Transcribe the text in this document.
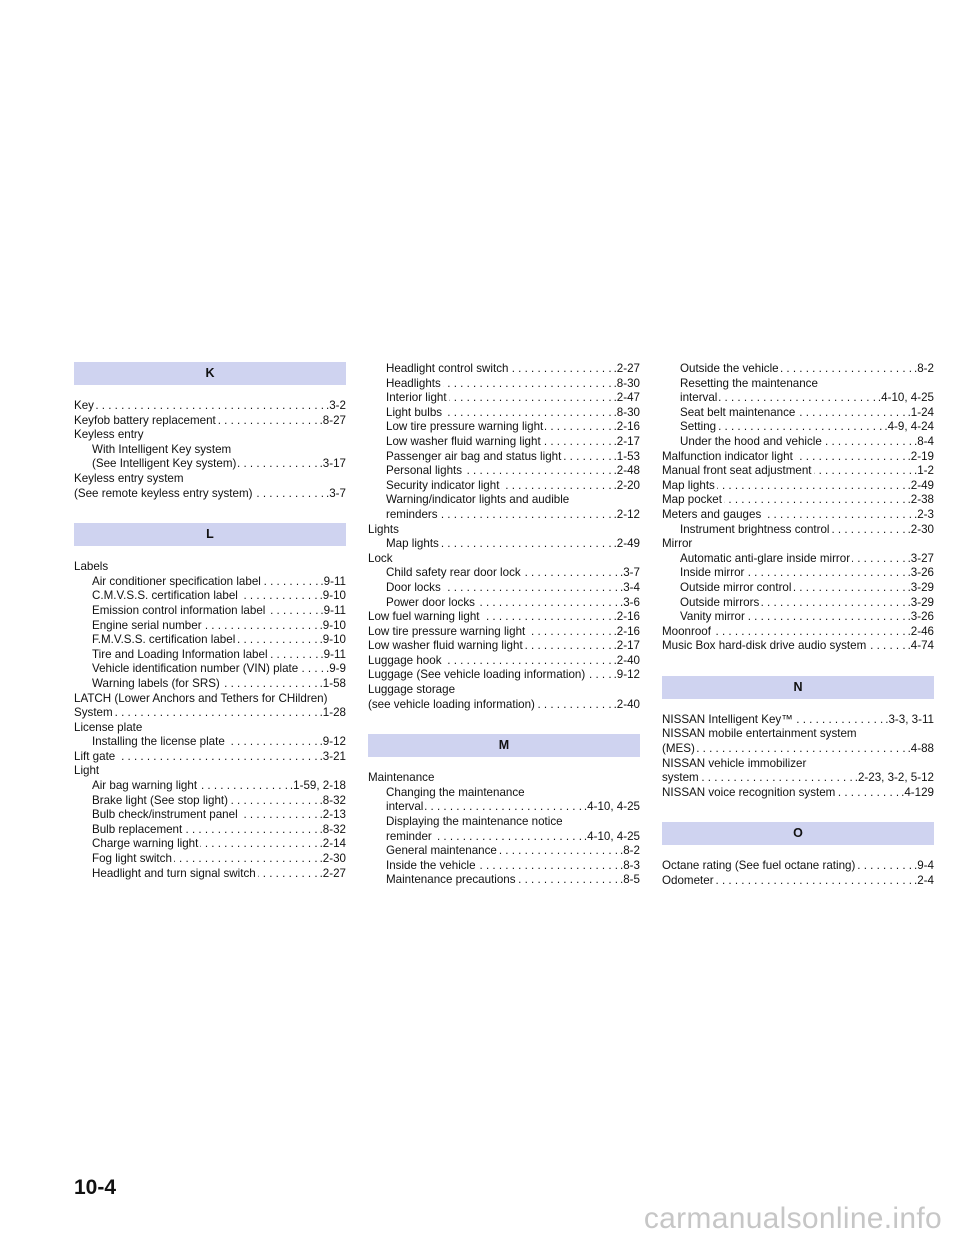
K
Key . . .	.3-2
Keyfob battery replacement . . .	.8-27
Keyless entry
With Intelligent Key system
(See Intelligent Key system) . . .	.3-17
Keyless entry system
(See remote keyless entry system) . . .	.3-7
L
Labels
Air conditioner specification label . . .	.9-11
C.M.V.S.S. certification label . . .	.9-10
Emission control information label . . .	.9-11
Engine serial number . . .	.9-10
F.M.V.S.S. certification label . . .	.9-10
Tire and Loading Information label . . .	.9-11
Vehicle identification number (VIN) plate . . . .9-9
Warning labels (for SRS) . . .	.1-58
LATCH (Lower Anchors and Tethers for CHildren)
System . . .	.1-28
License plate
Installing the license plate . . .	.9-12
Lift gate . . .	.3-21
Light
Air bag warning light . . .	.1-59, 2-18
Brake light (See stop light) . . .	.8-32
Bulb check/instrument panel . . .	.2-13
Bulb replacement . . .	.8-32
Charge warning light . . .	.2-14
Fog light switch . . .	.2-30
Headlight and turn signal switch . . .	.2-27
Headlight control switch . . .	.2-27
Headlights . . .	.8-30
Interior light . . .	.2-47
Light bulbs . . .	.8-30
Low tire pressure warning light . . .	.2-16
Low washer fluid warning light . . .	.2-17
Passenger air bag and status light . . .	.1-53
Personal lights . . .	.2-48
Security indicator light . . .	.2-20
Warning/indicator lights and audible
reminders . . .	.2-12
Lights
Map lights . . .	.2-49
Lock
Child safety rear door lock . . .	.3-7
Door locks . . .	.3-4
Power door locks . . .	.3-6
Low fuel warning light . . .	.2-16
Low tire pressure warning light . . .	.2-16
Low washer fluid warning light . . .	.2-17
Luggage hook . . .	.2-40
Luggage (See vehicle loading information) . . . .9-12
Luggage storage
(see vehicle loading information) . . .	.2-40
M
Maintenance
Changing the maintenance
interval . . .	.4-10, 4-25
Displaying the maintenance notice
reminder . . .	.4-10, 4-25
General maintenance . . .	.8-2
Inside the vehicle . . .	.8-3
Maintenance precautions . . .	.8-5
Outside the vehicle . . .	.8-2
Resetting the maintenance
interval . . .	.4-10, 4-25
Seat belt maintenance . . .	.1-24
Setting . . .	.4-9, 4-24
Under the hood and vehicle . . .	.8-4
Malfunction indicator light . . .	.2-19
Manual front seat adjustment . . .	.1-2
Map lights . . .	.2-49
Map pocket . . .	.2-38
Meters and gauges . . .	.2-3
Instrument brightness control . . .	.2-30
Mirror
Automatic anti-glare inside mirror . . .	.3-27
Inside mirror . . .	.3-26
Outside mirror control . . .	.3-29
Outside mirrors . . .	.3-29
Vanity mirror . . .	.3-26
Moonroof . . .	.2-46
Music Box hard-disk drive audio system . . .	.4-74
N
NISSAN Intelligent Key™ . . .	.3-3, 3-11
NISSAN mobile entertainment system
(MES) . . .	.4-88
NISSAN vehicle immobilizer
system . . .	.2-23, 3-2, 5-12
NISSAN voice recognition system . . .	.4-129
O
Octane rating (See fuel octane rating) . . .	.9-4
Odometer . . .	.2-4
10-4
carmanualsonline.info
